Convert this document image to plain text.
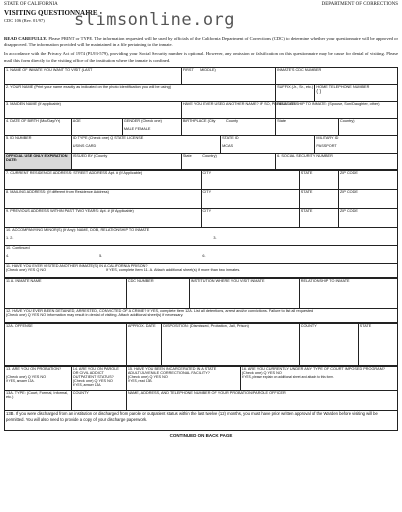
STATE OF CALIFORNIA	DEPARTMENT OF CORRECTIONS
VISITING QUESTIONNAIRE
CDC 106 (Rev. 01/97) slimsonline.org

READ CAREFULLY. Please PRINT or TYPE. The information requested will be used by officials of the California Department of Corrections (CDC) to determine whether your questionnaire will be approved or disapproved. The information provided will be maintained in a file pertaining to the inmate.

In accordance with the Privacy Act of 1974 (PL93-579), providing your Social Security number is optional. However, any omission or falsification on this questionnaire may be cause for denial of visiting. Please mail this form directly to the visiting office of the institution where the inmate is confined.

1. NAME OF INMATE YOU WANT TO VISIT (LAST			FIRST MIDDLE)		INMATE'S CDC NUMBER		
2. YOUR NAME (Print your name exactly as indicated on the photo identification you will be using)					SUFFIX (Jr., Sr., etc.)	HOME TELEPHONE NUMBER
( )	
3. MAIDEN NAME (If applicable)			HAVE YOU EVER USED ANOTHER NAME? IF SO, PLEASE LIST		RELATIONSHIP TO INMATE: (Spouse, Son/Daughter, other)		
4. DATE OF BIRTH (Mo/Day/Yr)	AGE	GENDER (Check one)

MALE FEMALE	BIRTHPLACE (City County		State		Country)
5. ID NUMBER	ID TYPE (Check one) Q STATE LICENSE

USINS CARD			STATE ID

MCAS		MILITARY ID

PASSPORT	
OFFICIAL USE ONLY EXPIRATION DATE:	ISSUED BY (County		State Country)		6. SOCIAL SECURITY NUMBER		
7. CURRENT RESIDENCE ADDRESS: STREET ADDRESS Apt. # (If Applicable)	CITY	STATE	ZIP CODE
8. MAILING ADDRESS: (If different from Residence Address)	CITY	STATE	ZIP CODE
9. PREVIOUS ADDRESS WITHIN PAST TWO YEARS: Apt. # (If Applicable)	CITY	STATE	ZIP CODE
10. ACCOMPANYING MINOR(S) (If Any): NAME, DOB, RELATIONSHIP TO INMATE

1. 2. 3.			
10. Continued

4. 5. 6.			
11. HAVE YOU EVER VISITED ANOTHER INMATE(S) IN A CALIFORNIA PRISON?
(Check one) YES Q NO If YES, complete Item 11. A. Attach additional sheet(s) if more than two inmates.			
11 A. INMATE NAME	CDC NUMBER	INSTITUTION WHERE YOU VISIT INMATE	RELATIONSHIP TO INMATE
12. HAVE YOU EVER BEEN DETAINED, ARRESTED, CONVICTED OF A CRIME? If YES, complete Item 12A. List all detentions, arrest and/or convictions. Failure to list all requested
(Check one) Q YES NO information may result in denial of visiting. Attach additional sheet(s) if necessary.
12A. OFFENSE	APPROX. DATE	DISPOSITION: (Dismissed, Probation, Jail, Prison)	COUNTY	STATE
13. ARE YOU ON PROBATION?

(Check one) Q YES NO
If YES, answer 13A.	14. ARE YOU ON PAROLE OR CIVIL ADDICT OUTPATIENT STATUS?
(Check one) Q YES NO
If YES, answer 13A.	15. HAVE YOU BEEN INCARCERATED IN A STATE ADULT/JUVENILE CORRECTIONAL FACILITY?
(Check one) Q YES NO
If YES, read 13B.	16. ARE YOU CURRENTLY UNDER ANY TYPE OF COURT IMPOSED PROGRAM? (Check one) Q YES NO
If YES, please explain on additional sheet and attach to this form.
13A. TYPE: (Court, Formal, Informal, etc.)	COUNTY	NAME, ADDRESS, AND TELEPHONE NUMBER OF YOUR PROBATION/PAROLE OFFICER	
13B. If you were discharged from an institution or discharged from parole or outpatient status within the last twelve (12) months, you must have prior written approval of the Warden before visiting will be permitted. You will also need to provide a copy of your discharge paperwork.			
CONTINUED ON BACK PAGE
